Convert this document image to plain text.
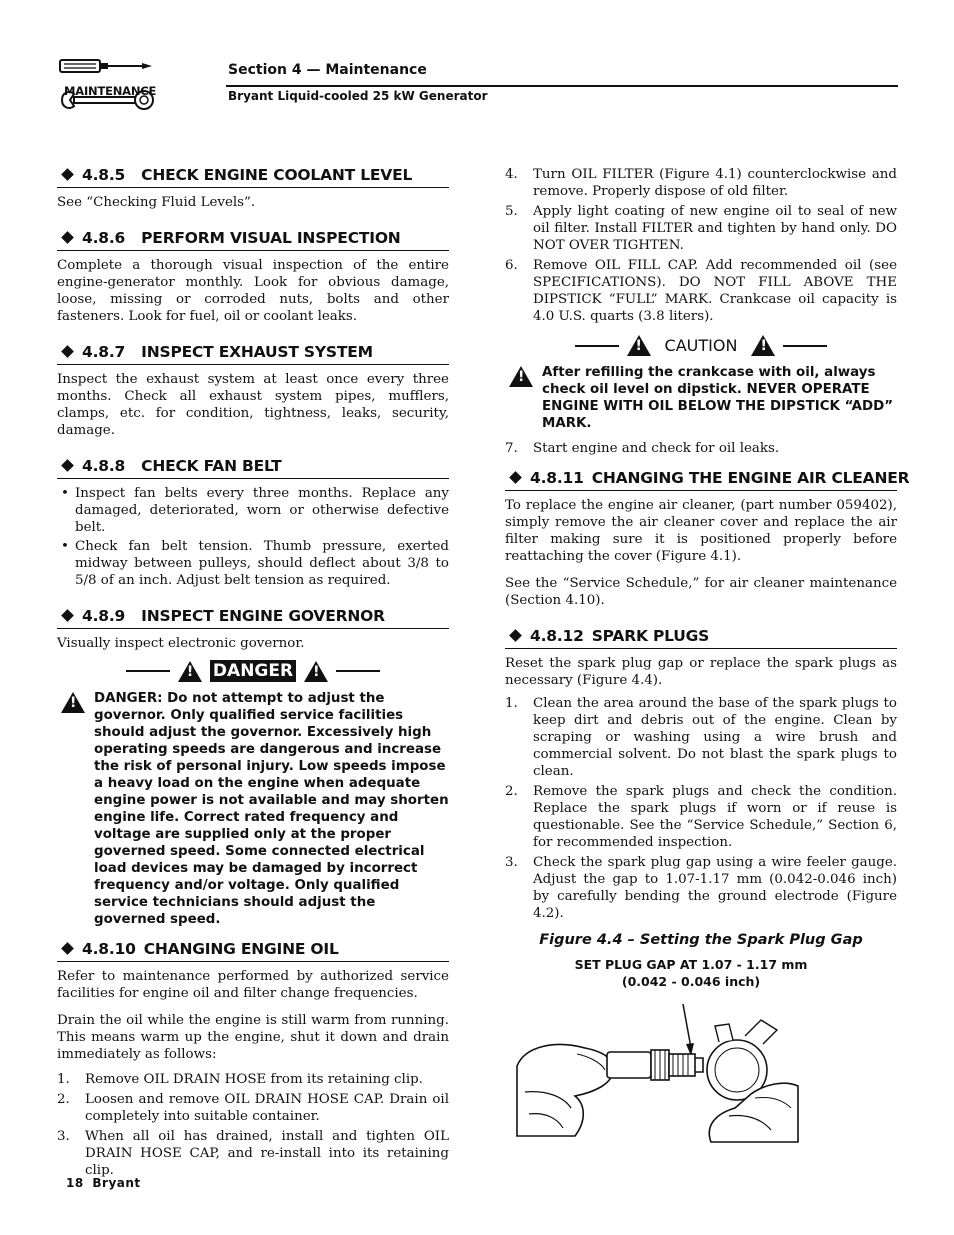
MAINTENANCE
Section 4 — Maintenance
Bryant Liquid-cooled 25 kW Generator
4.8.5 CHECK ENGINE COOLANT LEVEL

See “Checking Fluid Levels”.

4.8.6 PERFORM VISUAL INSPECTION

Complete a thorough visual inspection of the entire engine-generator monthly. Look for obvious damage, loose, missing or corroded nuts, bolts and other fasteners. Look for fuel, oil or coolant leaks.

4.8.7 INSPECT EXHAUST SYSTEM

Inspect the exhaust system at least once every three months. Check all exhaust system pipes, mufflers, clamps, etc. for condition, tightness, leaks, security, damage.

4.8.8 CHECK FAN BELT
• Inspect fan belts every three months. Replace any damaged, deteriorated, worn or otherwise defective belt.
• Check fan belt tension. Thumb pressure, exerted midway between pulleys, should deflect about 3/8 to 5/8 of an inch. Adjust belt tension as required.
4.8.9 INSPECT ENGINE GOVERNOR

Visually inspect electronic governor.

!
DANGER
!
!
DANGER: Do not attempt to adjust the governor. Only qualified service facilities should adjust the governor. Excessively high operating speeds are dangerous and increase the risk of personal injury. Low speeds impose a heavy load on the engine when adequate engine power is not available and may shorten engine life. Correct rated frequency and voltage are supplied only at the proper governed speed. Some connected electrical load devices may be damaged by incorrect frequency and/or voltage. Only qualified service technicians should adjust the governed speed.
4.8.10 CHANGING ENGINE OIL

Refer to maintenance performed by authorized service facilities for engine oil and filter change frequencies.

Drain the oil while the engine is still warm from running. This means warm up the engine, shut it down and drain immediately as follows:

1.	Remove OIL DRAIN HOSE from its retaining clip.
2.	Loosen and remove OIL DRAIN HOSE CAP. Drain oil completely into suitable container.
3.	When all oil has drained, install and tighten OIL DRAIN HOSE CAP, and re-install into its retaining clip.
4.	Turn OIL FILTER (Figure 4.1) counterclockwise and remove. Properly dispose of old filter.
5.	Apply light coating of new engine oil to seal of new oil filter. Install FILTER and tighten by hand only. DO NOT OVER TIGHTEN.
6.	Remove OIL FILL CAP. Add recommended oil (see SPECIFICATIONS). DO NOT FILL ABOVE THE DIPSTICK “FULL” MARK. Crankcase oil capacity is 4.0 U.S. quarts (3.8 liters).
!
CAUTION
!
!
After refilling the crankcase with oil, always check oil level on dipstick. NEVER OPERATE ENGINE WITH OIL BELOW THE DIPSTICK “ADD” MARK.
7.	Start engine and check for oil leaks.
4.8.11 CHANGING THE ENGINE AIR CLEANER

To replace the engine air cleaner, (part number 059402), simply remove the air cleaner cover and replace the air filter making sure it is positioned properly before reattaching the cover (Figure 4.1).

See the “Service Schedule,” for air cleaner maintenance (Section 4.10).

4.8.12 SPARK PLUGS

Reset the spark plug gap or replace the spark plugs as necessary (Figure 4.4).

1.	Clean the area around the base of the spark plugs to keep dirt and debris out of the engine. Clean by scraping or washing using a wire brush and commercial solvent. Do not blast the spark plugs to clean.
2.	Remove the spark plugs and check the condition. Replace the spark plugs if worn or if reuse is questionable. See the “Service Schedule,” Section 6, for recommended inspection.
3.	Check the spark plug gap using a wire feeler gauge. Adjust the gap to 1.07-1.17 mm (0.042-0.046 inch) by carefully bending the ground electrode (Figure 4.2).
Figure 4.4 – Setting the Spark Plug Gap
SET PLUG GAP AT 1.07 - 1.17 mm
(0.042 - 0.046 inch)
18 Bryant
